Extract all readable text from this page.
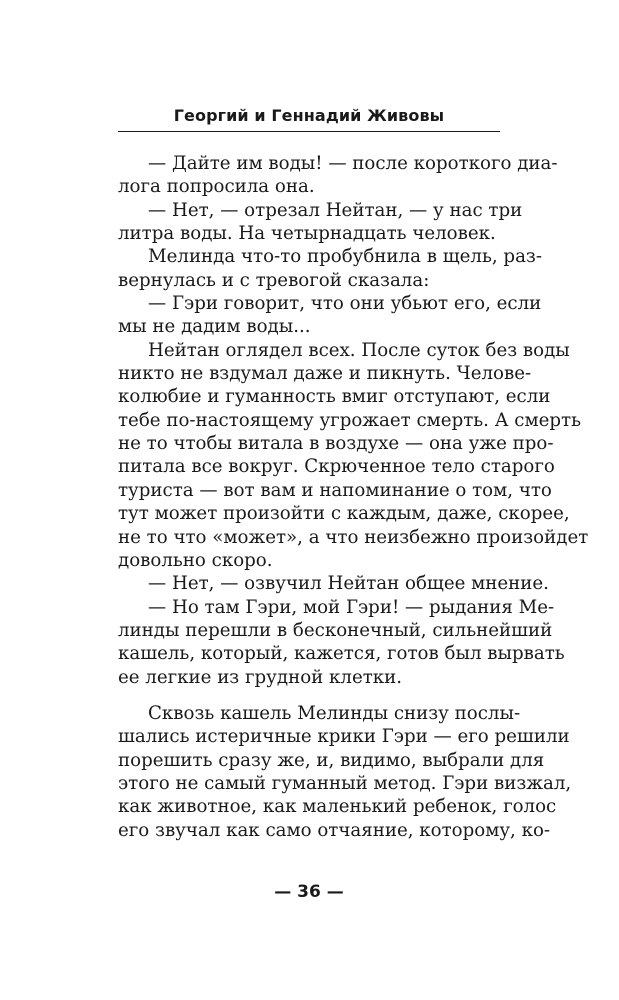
Георгий и Геннадий Живовы
— Дайте им воды! — после короткого диа-
лога попросила она.
— Нет, — отрезал Нейтан, — у нас три
литра воды. На четырнадцать человек.
Мелинда что-то пробубнила в щель, раз-
вернулась и с тревогой сказала:
— Гэри говорит, что они убьют его, если
мы не дадим воды...
Нейтан оглядел всех. После суток без воды
никто не вздумал даже и пикнуть. Челове-
колюбие и гуманность вмиг отступают, если
тебе по-настоящему угрожает смерть. А смерть
не то чтобы витала в воздухе — она уже про-
питала все вокруг. Скрюченное тело старого
туриста — вот вам и напоминание о том, что
тут может произойти с каждым, даже, скорее,
не то что «может», а что неизбежно произойдет
довольно скоро.
— Нет, — озвучил Нейтан общее мнение.
— Но там Гэри, мой Гэри! — рыдания Ме-
линды перешли в бесконечный, сильнейший
кашель, который, кажется, готов был вырвать
ее легкие из грудной клетки.
Сквозь кашель Мелинды снизу послы-
шались истеричные крики Гэри — его решили
порешить сразу же, и, видимо, выбрали для
этого не самый гуманный метод. Гэри визжал,
как животное, как маленький ребенок, голос
его звучал как само отчаяние, которому, ко-
— 36 —
